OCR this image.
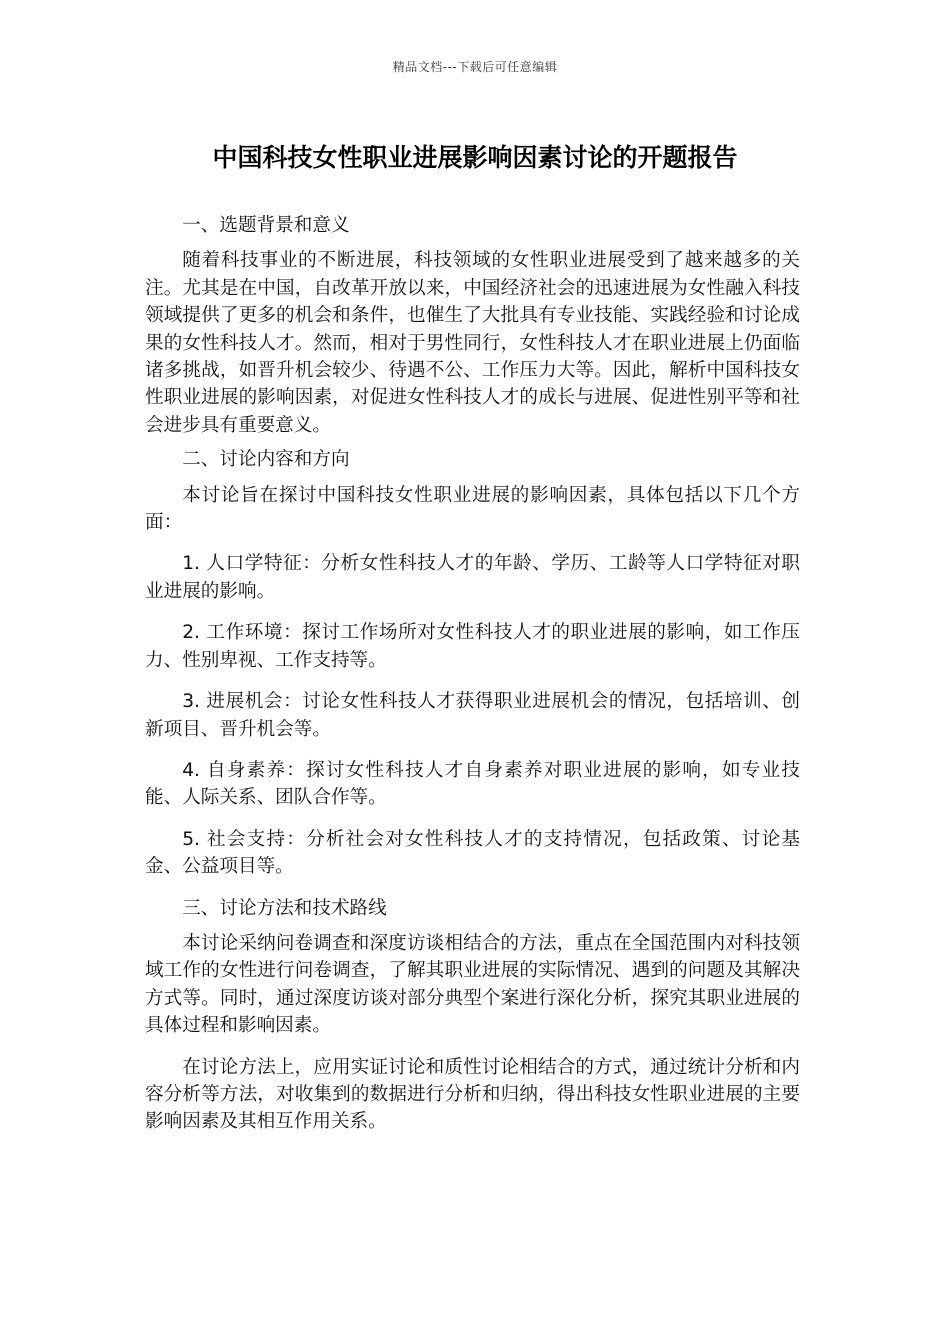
精品文档---下载后可任意编辑
中国科技女性职业进展影响因素讨论的开题报告

一、选题背景和意义

随着科技事业的不断进展，科技领域的女性职业进展受到了越来越多的关注。尤其是在中国，自改革开放以来，中国经济社会的迅速进展为女性融入科技领域提供了更多的机会和条件，也催生了大批具有专业技能、实践经验和讨论成果的女性科技人才。然而，相对于男性同行，女性科技人才在职业进展上仍面临诸多挑战，如晋升机会较少、待遇不公、工作压力大等。因此，解析中国科技女性职业进展的影响因素，对促进女性科技人才的成长与进展、促进性别平等和社会进步具有重要意义。

二、讨论内容和方向

本讨论旨在探讨中国科技女性职业进展的影响因素，具体包括以下几个方面：

1. 人口学特征：分析女性科技人才的年龄、学历、工龄等人口学特征对职业进展的影响。

2. 工作环境：探讨工作场所对女性科技人才的职业进展的影响，如工作压力、性别卑视、工作支持等。

3. 进展机会：讨论女性科技人才获得职业进展机会的情况，包括培训、创新项目、晋升机会等。

4. 自身素养：探讨女性科技人才自身素养对职业进展的影响，如专业技能、人际关系、团队合作等。

5. 社会支持：分析社会对女性科技人才的支持情况，包括政策、讨论基金、公益项目等。

三、讨论方法和技术路线

本讨论采纳问卷调查和深度访谈相结合的方法，重点在全国范围内对科技领域工作的女性进行问卷调查，了解其职业进展的实际情况、遇到的问题及其解决方式等。同时，通过深度访谈对部分典型个案进行深化分析，探究其职业进展的具体过程和影响因素。

在讨论方法上，应用实证讨论和质性讨论相结合的方式，通过统计分析和内容分析等方法，对收集到的数据进行分析和归纳，得出科技女性职业进展的主要影响因素及其相互作用关系。
